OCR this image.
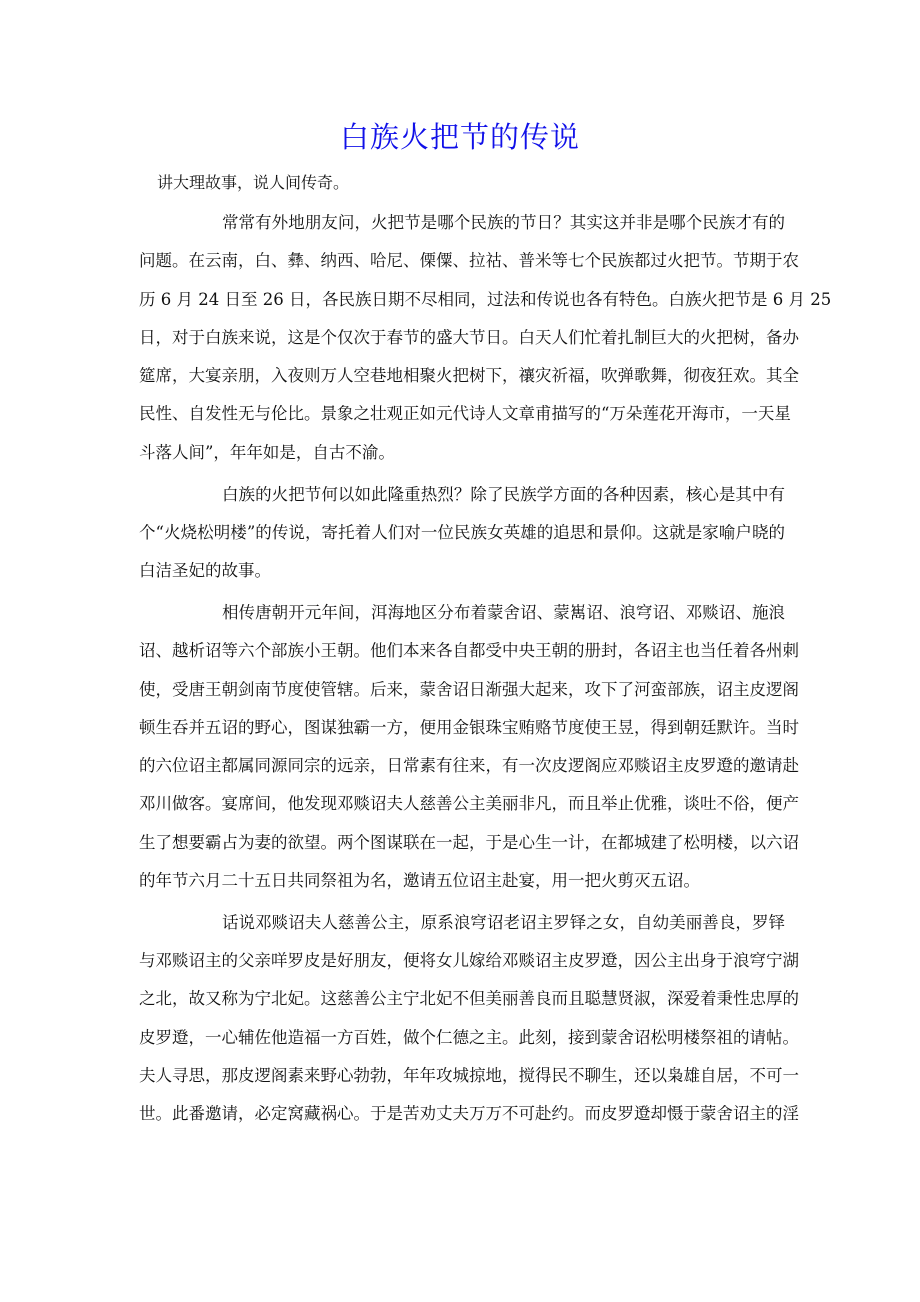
白族火把节的传说
讲大理故事，说人间传奇。
常常有外地朋友问，火把节是哪个民族的节日？其实这并非是哪个民族才有的
问题。在云南，白、彝、纳西、哈尼、傈僳、拉祜、普米等七个民族都过火把节。节期于农
历 6 月 24 日至 26 日，各民族日期不尽相同，过法和传说也各有特色。白族火把节是 6 月 25
日，对于白族来说，这是个仅次于春节的盛大节日。白天人们忙着扎制巨大的火把树，备办
筵席，大宴亲朋，入夜则万人空巷地相聚火把树下，禳灾祈福，吹弹歌舞，彻夜狂欢。其全
民性、自发性无与伦比。景象之壮观正如元代诗人文章甫描写的“万朵莲花开海市，一天星
斗落人间”，年年如是，自古不渝。
白族的火把节何以如此隆重热烈？除了民族学方面的各种因素，核心是其中有
个“火烧松明楼”的传说，寄托着人们对一位民族女英雄的追思和景仰。这就是家喻户晓的
白洁圣妃的故事。
相传唐朝开元年间，洱海地区分布着蒙舍诏、蒙嶲诏、浪穹诏、邓赕诏、施浪
诏、越析诏等六个部族小王朝。他们本来各自都受中央王朝的册封，各诏主也当任着各州刺
使，受唐王朝剑南节度使管辖。后来，蒙舍诏日渐强大起来，攻下了河蛮部族，诏主皮逻阁
顿生吞并五诏的野心，图谋独霸一方，便用金银珠宝贿赂节度使王昱，得到朝廷默许。当时
的六位诏主都属同源同宗的远亲，日常素有往来，有一次皮逻阁应邓赕诏主皮罗邆的邀请赴
邓川做客。宴席间，他发现邓赕诏夫人慈善公主美丽非凡，而且举止优雅，谈吐不俗，便产
生了想要霸占为妻的欲望。两个图谋联在一起，于是心生一计，在都城建了松明楼，以六诏
的年节六月二十五日共同祭祖为名，邀请五位诏主赴宴，用一把火剪灭五诏。
话说邓赕诏夫人慈善公主，原系浪穹诏老诏主罗铎之女，自幼美丽善良，罗铎
与邓赕诏主的父亲咩罗皮是好朋友，便将女儿嫁给邓赕诏主皮罗邆，因公主出身于浪穹宁湖
之北，故又称为宁北妃。这慈善公主宁北妃不但美丽善良而且聪慧贤淑，深爱着秉性忠厚的
皮罗邆，一心辅佐他造福一方百姓，做个仁德之主。此刻，接到蒙舍诏松明楼祭祖的请帖。
夫人寻思，那皮逻阁素来野心勃勃，年年攻城掠地，搅得民不聊生，还以枭雄自居，不可一
世。此番邀请，必定窝藏祸心。于是苦劝丈夫万万不可赴约。而皮罗邆却慑于蒙舍诏主的淫
